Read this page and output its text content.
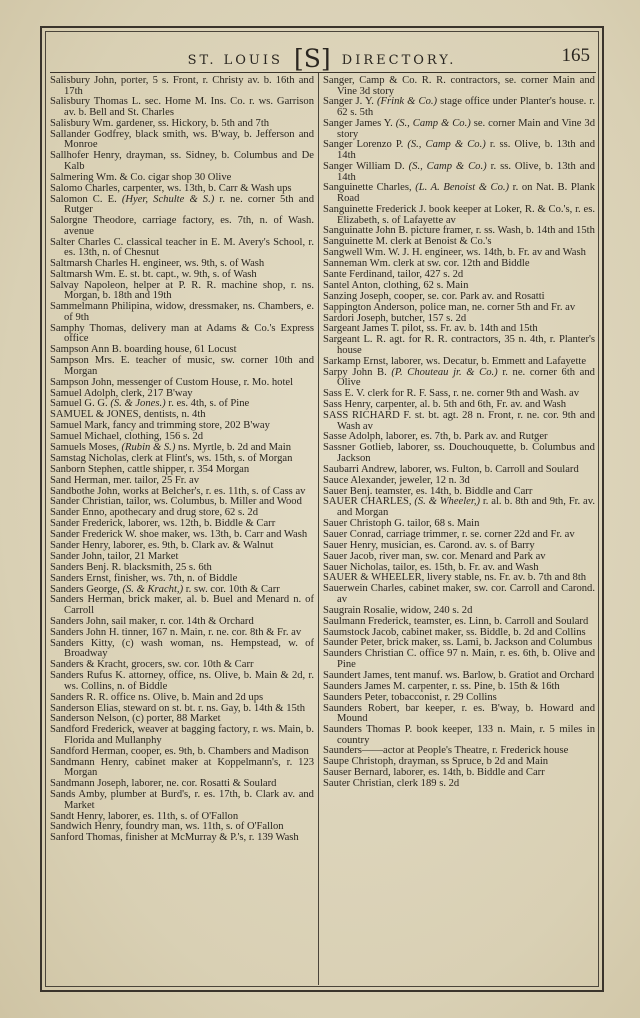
ST. LOUIS [S] DIRECTORY.	165
Salisbury John, porter, 5 s. Front, r. Christy av. b. 16th and 17th
Salisbury Thomas L. sec. Home M. Ins. Co. r. ws. Garrison av. b. Bell and St. Charles
Salisbury Wm. gardener, ss. Hickory, b. 5th and 7th
Sallander Godfrey, black smith, ws. B'way, b. Jefferson and Monroe
Sallhofer Henry, drayman, ss. Sidney, b. Columbus and De Kalb
Salmering Wm. & Co. cigar shop 30 Olive
Salomo Charles, carpenter, ws. 13th, b. Carr & Wash ups
Salomon C. E. (Hyer, Schulte & S.) r. ne. corner 5th and Rutger
Salorgne Theodore, carriage factory, es. 7th, n. of Wash. avenue
Salter Charles C. classical teacher in E. M. Avery's School, r. es. 13th, n. of Chesnut
Saltmarsh Charles H. engineer, ws. 9th, s. of Wash
Saltmarsh Wm. E. st. bt. capt., w. 9th, s. of Wash
Salvay Napoleon, helper at P. R. R. machine shop, r. ns. Morgan, b. 18th and 19th
Sammelmann Philipina, widow, dressmaker, ns. Chambers, e. of 9th
Samphy Thomas, delivery man at Adams & Co.'s Express office
Sampson Ann B. boarding house, 61 Locust
Sampson Mrs. E. teacher of music, sw. corner 10th and Morgan
Sampson John, messenger of Custom House, r. Mo. hotel
Samuel Adolph, clerk, 217 B'way
Samuel G. G. (S. & Jones.) r. es. 4th, s. of Pine
SAMUEL & JONES, dentists, n. 4th
Samuel Mark, fancy and trimming store, 202 B'way
Samuel Michael, clothing, 156 s. 2d
Samuels Moses, (Rubin & S.) ns. Myrtle, b. 2d and Main
Samstag Nicholas, clerk at Flint's, ws. 15th, s. of Morgan
Sanborn Stephen, cattle shipper, r. 354 Morgan
Sand Herman, mer. tailor, 25 Fr. av
Sandbothe John, works at Belcher's, r. es. 11th, s. of Cass av
Sander Christian, tailor, ws. Columbus, b. Miller and Wood
Sander Enno, apothecary and drug store, 62 s. 2d
Sander Frederick, laborer, ws. 12th, b. Biddle & Carr
Sander Frederick W. shoe maker, ws. 13th, b. Carr and Wash
Sander Henry, laborer, es. 9th, b. Clark av. & Walnut
Sander John, tailor, 21 Market
Sanders Benj. R. blacksmith, 25 s. 6th
Sanders Ernst, finisher, ws. 7th, n. of Biddle
Sanders George, (S. & Kracht,) r. sw. cor. 10th & Carr
Sanders Herman, brick maker, al. b. Buel and Menard n. of Carroll
Sanders John, sail maker, r. cor. 14th & Orchard
Sanders John H. tinner, 167 n. Main, r. ne. cor. 8th & Fr. av
Sanders Kitty, (c) wash woman, ns. Hempstead, w. of Broadway
Sanders & Kracht, grocers, sw. cor. 10th & Carr
Sanders Rufus K. attorney, office, ns. Olive, b. Main & 2d, r. ws. Collins, n. of Biddle
Sanders R. R. office ns. Olive, b. Main and 2d ups
Sanderson Elias, steward on st. bt. r. ns. Gay, b. 14th & 15th
Sanderson Nelson, (c) porter, 88 Market
Sandford Frederick, weaver at bagging factory, r. ws. Main, b. Florida and Mullanphy
Sandford Herman, cooper, es. 9th, b. Chambers and Madison
Sandmann Henry, cabinet maker at Koppelmann's, r. 123 Morgan
Sandmann Joseph, laborer, ne. cor. Rosatti & Soulard
Sands Amby, plumber at Burd's, r. es. 17th, b. Clark av. and Market
Sandt Henry, laborer, es. 11th, s. of O'Fallon
Sandwich Henry, foundry man, ws. 11th, s. of O'Fallon
Sanford Thomas, finisher at McMurray & P.'s, r. 139 Wash
Sanger, Camp & Co. R. R. contractors, se. corner Main and Vine 3d story
Sanger J. Y. (Frink & Co.) stage office under Planter's house. r. 62 s. 5th
Sanger James Y. (S., Camp & Co.) se. corner Main and Vine 3d story
Sanger Lorenzo P. (S., Camp & Co.) r. ss. Olive, b. 13th and 14th
Sanger William D. (S., Camp & Co.) r. ss. Olive, b. 13th and 14th
Sanguinette Charles, (L. A. Benoist & Co.) r. on Nat. B. Plank Road
Sanguinette Frederick J. book keeper at Loker, R. & Co.'s, r. es. Elizabeth, s. of Lafayette av
Sanguinatte John B. picture framer, r. ss. Wash, b. 14th and 15th
Sanguinette M. clerk at Benoist & Co.'s
Sangwell Wm. W. J. H. engineer, ws. 14th, b. Fr. av and Wash
Sanneman Wm. clerk at sw. cor. 12th and Biddle
Sante Ferdinand, tailor, 427 s. 2d
Santel Anton, clothing, 62 s. Main
Sanzing Joseph, cooper, se. cor. Park av. and Rosatti
Sappington Anderson, police man, ne. corner 5th and Fr. av
Sardori Joseph, butcher, 157 s. 2d
Sargeant James T. pilot, ss. Fr. av. b. 14th and 15th
Sargeant L. R. agt. for R. R. contractors, 35 n. 4th, r. Planter's house
Sarkamp Ernst, laborer, ws. Decatur, b. Emmett and Lafayette
Sarpy John B. (P. Chouteau jr. & Co.) r. ne. corner 6th and Olive
Sass E. V. clerk for R. F. Sass, r. ne. corner 9th and Wash. av
Sass Henry, carpenter, al. b. 5th and 6th, Fr. av. and Wash
SASS RICHARD F. st. bt. agt. 28 n. Front, r. ne. cor. 9th and Wash av
Sasse Adolph, laborer, es. 7th, b. Park av. and Rutger
Sassner Gotlieb, laborer, ss. Douchouquette, b. Columbus and Jackson
Saubarri Andrew, laborer, ws. Fulton, b. Carroll and Soulard
Sauce Alexander, jeweler, 12 n. 3d
Sauer Benj. teamster, es. 14th, b. Biddle and Carr
SAUER CHARLES, (S. & Wheeler,) r. al. b. 8th and 9th, Fr. av. and Morgan
Sauer Christoph G. tailor, 68 s. Main
Sauer Conrad, carriage trimmer, r. se. corner 22d and Fr. av
Sauer Henry, musician, es. Carond. av. s. of Barry
Sauer Jacob, river man, sw. cor. Menard and Park av
Sauer Nicholas, tailor, es. 15th, b. Fr. av. and Wash
SAUER & WHEELER, livery stable, ns. Fr. av. b. 7th and 8th
Sauerwein Charles, cabinet maker, sw. cor. Carroll and Carond. av
Saugrain Rosalie, widow, 240 s. 2d
Saulmann Frederick, teamster, es. Linn, b. Carroll and Soulard
Saumstock Jacob, cabinet maker, ss. Biddle, b. 2d and Collins
Saunder Peter, brick maker, ss. Lami, b. Jackson and Columbus
Saunders Christian C. office 97 n. Main, r. es. 6th, b. Olive and Pine
Saundert James, tent manuf. ws. Barlow, b. Gratiot and Orchard
Saunders James M. carpenter, r. ss. Pine, b. 15th & 16th
Saunders Peter, tobacconist, r. 29 Collins
Saunders Robert, bar keeper, r. es. B'way, b. Howard and Mound
Saunders Thomas P. book keeper, 133 n. Main, r. 5 miles in country
Saunders——actor at People's Theatre, r. Frederick house
Saupe Christoph, drayman, ss Spruce, b 2d and Main
Sauser Bernard, laborer, es. 14th, b. Biddle and Carr
Sauter Christian, clerk 189 s. 2d
